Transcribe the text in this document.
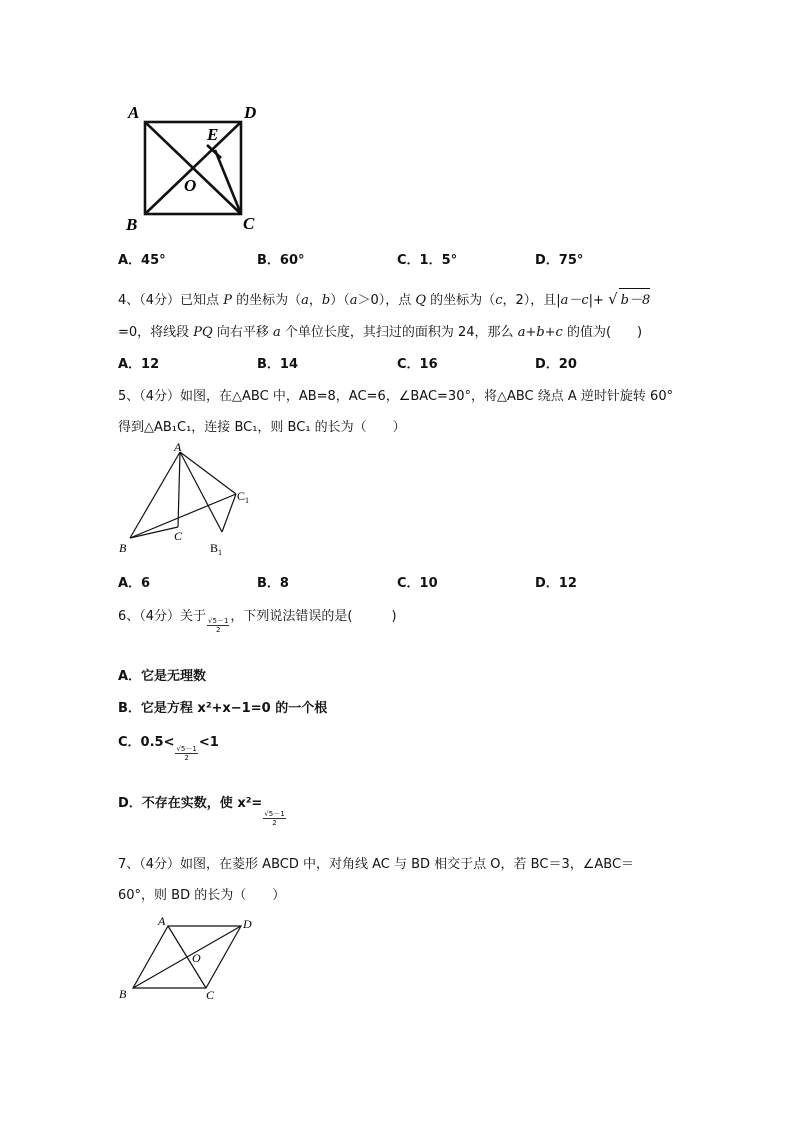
A	D
B	C
O
E
A．45°	B．60°	C．1．5°	D．75°
4、（4分）已知点 P 的坐标为（a，b）（a＞0），点 Q 的坐标为（c，2），且|a－c|+ √ b－8
=0，将线段 PQ 向右平移 a 个单位长度，其扫过的面积为 24，那么 a+b+c 的值为(　　)
A．12	B．14	C．16	D．20
5、（4分）如图，在△ABC 中，AB=8，AC=6，∠BAC=30°，将△ABC 绕点 A 逆时针旋转 60°
得到△AB₁C₁，连接 BC₁，则 BC₁ 的长为（　　）
A
B
C
$C_1$
$B_1$
A．6	B．8	C．10	D．12
6、（4分）关于
$\frac{√5-1}{2}$
，下列说法错误的是(　　　)
A．它是无理数
B．它是方程 x²+x−1=0 的一个根
C．0.5<
$\frac{√5-1}{2}$
<1
D．不存在实数，使 x²=
$\frac{√5-1}{2}$
7、（4分）如图，在菱形 ABCD 中，对角线 AC 与 BD 相交于点 O，若 BC＝3，∠ABC＝
60°，则 BD 的长为（　　）
A	D
O
B	C
